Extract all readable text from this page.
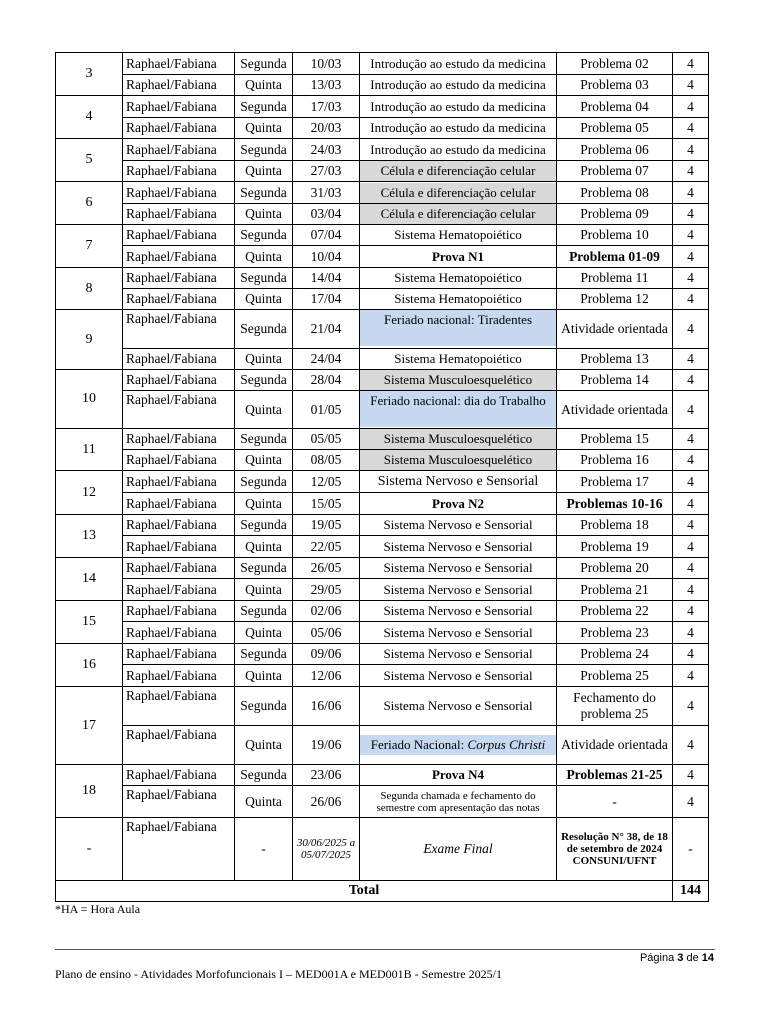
3	Raphael/Fabiana	Segunda	10/03	Introdução ao estudo da medicina	Problema 02	4
	Raphael/Fabiana	Quinta	13/03	Introdução ao estudo da medicina	Problema 03	4
4	Raphael/Fabiana	Segunda	17/03	Introdução ao estudo da medicina	Problema 04	4
	Raphael/Fabiana	Quinta	20/03	Introdução ao estudo da medicina	Problema 05	4
5	Raphael/Fabiana	Segunda	24/03	Introdução ao estudo da medicina	Problema 06	4
	Raphael/Fabiana	Quinta	27/03	Célula e diferenciação celular	Problema 07	4
6	Raphael/Fabiana	Segunda	31/03	Célula e diferenciação celular	Problema 08	4
	Raphael/Fabiana	Quinta	03/04	Célula e diferenciação celular	Problema 09	4
7	Raphael/Fabiana	Segunda	07/04	Sistema Hematopoiético	Problema 10	4
	Raphael/Fabiana	Quinta	10/04	Prova N1	Problema 01-09	4
8	Raphael/Fabiana	Segunda	14/04	Sistema Hematopoiético	Problema 11	4
	Raphael/Fabiana	Quinta	17/04	Sistema Hematopoiético	Problema 12	4
9	Raphael/Fabiana	Segunda	21/04	Feriado nacional: Tiradentes	Atividade orientada	4
	Raphael/Fabiana	Quinta	24/04	Sistema Hematopoiético	Problema 13	4
10	Raphael/Fabiana	Segunda	28/04	Sistema Musculoesquelético	Problema 14	4
	Raphael/Fabiana	Quinta	01/05	Feriado nacional: dia do Trabalho	Atividade orientada	4
11	Raphael/Fabiana	Segunda	05/05	Sistema Musculoesquelético	Problema 15	4
	Raphael/Fabiana	Quinta	08/05	Sistema Musculoesquelético	Problema 16	4
12	Raphael/Fabiana	Segunda	12/05	Sistema Nervoso e Sensorial	Problema 17	4
	Raphael/Fabiana	Quinta	15/05	Prova N2	Problemas 10-16	4
13	Raphael/Fabiana	Segunda	19/05	Sistema Nervoso e Sensorial	Problema 18	4
	Raphael/Fabiana	Quinta	22/05	Sistema Nervoso e Sensorial	Problema 19	4
14	Raphael/Fabiana	Segunda	26/05	Sistema Nervoso e Sensorial	Problema 20	4
	Raphael/Fabiana	Quinta	29/05	Sistema Nervoso e Sensorial	Problema 21	4
15	Raphael/Fabiana	Segunda	02/06	Sistema Nervoso e Sensorial	Problema 22	4
	Raphael/Fabiana	Quinta	05/06	Sistema Nervoso e Sensorial	Problema 23	4
16	Raphael/Fabiana	Segunda	09/06	Sistema Nervoso e Sensorial	Problema 24	4
	Raphael/Fabiana	Quinta	12/06	Sistema Nervoso e Sensorial	Problema 25	4
17	Raphael/Fabiana	Segunda	16/06	Sistema Nervoso e Sensorial	Fechamento do problema 25	4
	Raphael/Fabiana	Quinta	19/06	Feriado Nacional: Corpus Christi	Atividade orientada	4
18	Raphael/Fabiana	Segunda	23/06	Prova N4	Problemas 21-25	4
	Raphael/Fabiana	Quinta	26/06	Segunda chamada e fechamento do semestre com apresentação das notas	-	4
-	Raphael/Fabiana	-	30/06/2025 a 05/07/2025	Exame Final	Resolução N° 38, de 18 de setembro de 2024 CONSUNI/UFNT	-
Total						144
*HA = Hora Aula
Página 3 de 14
Plano de ensino - Atividades Morfofuncionais I – MED001A e MED001B - Semestre 2025/1
